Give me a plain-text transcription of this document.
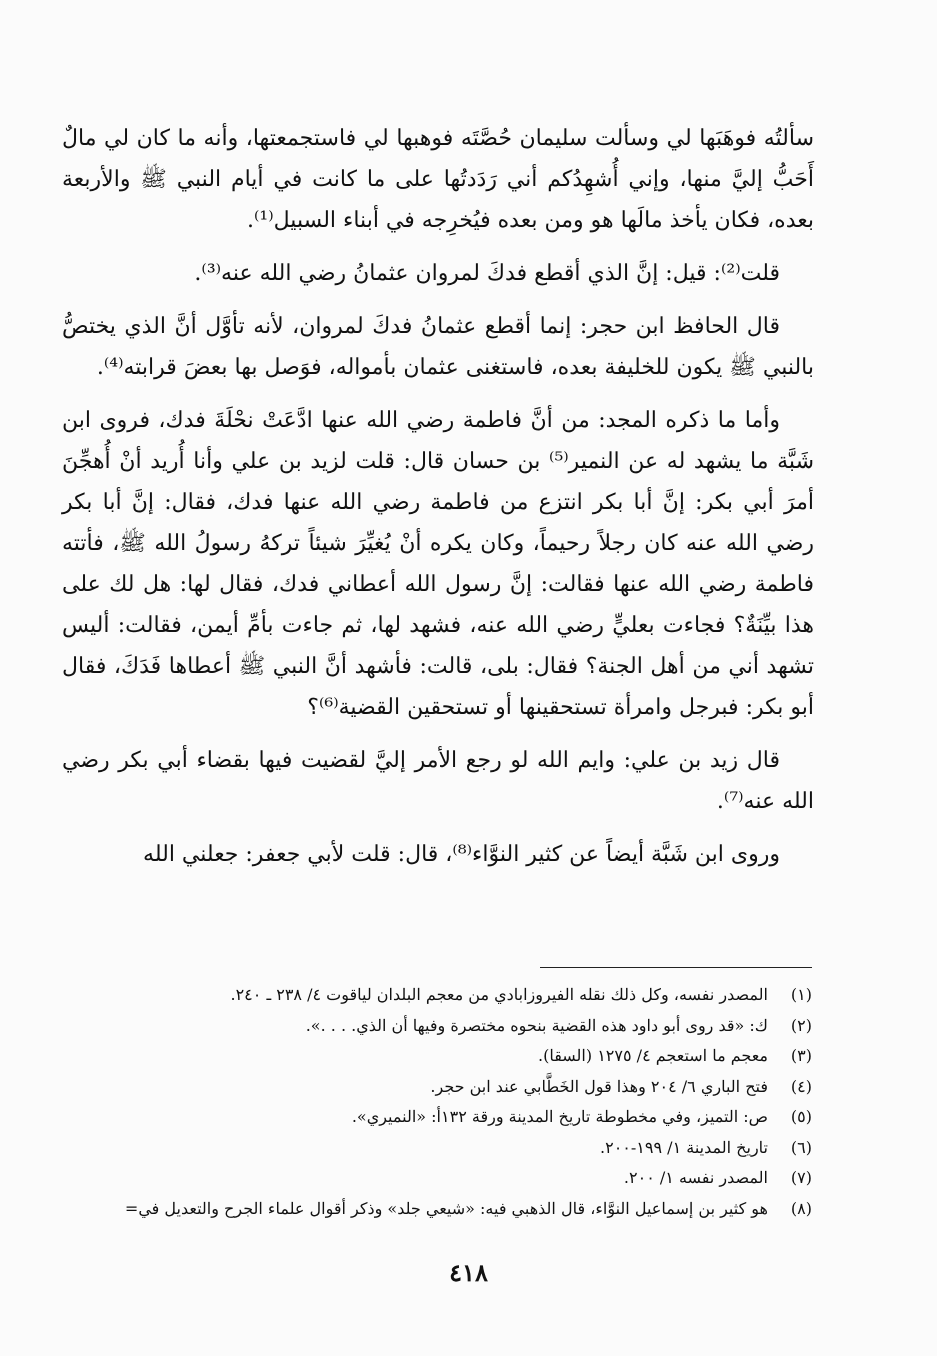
سألتُه فوهَبَها لي وسألت سليمان حُصَّتَه فوهبها لي فاستجمعتها، وأنه ما كان لي مالٌ أَحَبُّ إليَّ منها، وإني أُشهِدُكم أني رَدَدتُها على ما كانت في أيام النبي ﷺ والأربعة بعده، فكان يأخذ مالَها هو ومن بعده فيُخرِجه في أبناء السبيل⁽¹⁾.

قلت⁽²⁾: قيل: إنَّ الذي أقطع فدكَ لمروان عثمانُ رضي الله عنه⁽³⁾.

قال الحافظ ابن حجر: إنما أقطع عثمانُ فدكَ لمروان، لأنه تأوَّل أنَّ الذي يختصُّ بالنبي ﷺ يكون للخليفة بعده، فاستغنى عثمان بأمواله، فوَصل بها بعضَ قرابته⁽⁴⁾.

وأما ما ذكره المجد: من أنَّ فاطمة رضي الله عنها ادَّعَتْ نحْلَةَ فدك، فروى ابن شَبَّة ما يشهد له عن النمير⁽⁵⁾ بن حسان قال: قلت لزيد بن علي وأنا أُريد أنْ أُهجِّنَ أمرَ أبي بكر: إنَّ أبا بكر انتزع من فاطمة رضي الله عنها فدك، فقال: إنَّ أبا بكر رضي الله عنه كان رجلاً رحيماً، وكان يكره أنْ يُغيِّرَ شيئاً تركهُ رسولُ الله ﷺ، فأتته فاطمة رضي الله عنها فقالت: إنَّ رسول الله أعطاني فدك، فقال لها: هل لك على هذا بيِّنَةٌ؟ فجاءت بعليٍّ رضي الله عنه، فشهد لها، ثم جاءت بأمِّ أيمن، فقالت: أليس تشهد أني من أهل الجنة؟ فقال: بلى، قالت: فأشهد أنَّ النبي ﷺ أعطاها فَدَكَ، فقال أبو بكر: فبرجل وامرأة تستحقينها أو تستحقين القضية⁽⁶⁾؟

قال زيد بن علي: وايم الله لو رجع الأمر إليَّ لقضيت فيها بقضاء أبي بكر رضي الله عنه⁽⁷⁾.

وروى ابن شَبَّة أيضاً عن كثير النوَّاء⁽⁸⁾، قال: قلت لأبي جعفر: جعلني الله

(١)
المصدر نفسه، وكل ذلك نقله الفيروزابادي من معجم البلدان لياقوت ٤/ ٢٣٨ ـ ٢٤٠.
(٢)
ك: «قد روى أبو داود هذه القضية بنحوه مختصرة وفيها أن الذي. . . .».
(٣)
معجم ما استعجم ٤/ ١٢٧٥ (السقا).
(٤)
فتح الباري ٦/ ٢٠٤ وهذا قول الخَطَّابي عند ابن حجر.
(٥)
ص: التميز، وفي مخطوطة تاريخ المدينة ورقة ١٣٢أ: «النميري».
(٦)
تاريخ المدينة ١/ ١٩٩-٢٠٠.
(٧)
المصدر نفسه ١/ ٢٠٠.
(٨)
هو كثير بن إسماعيل النوَّاء، قال الذهبي فيه: «شيعي جلد» وذكر أقوال علماء الجرح والتعديل في=
٤١٨
